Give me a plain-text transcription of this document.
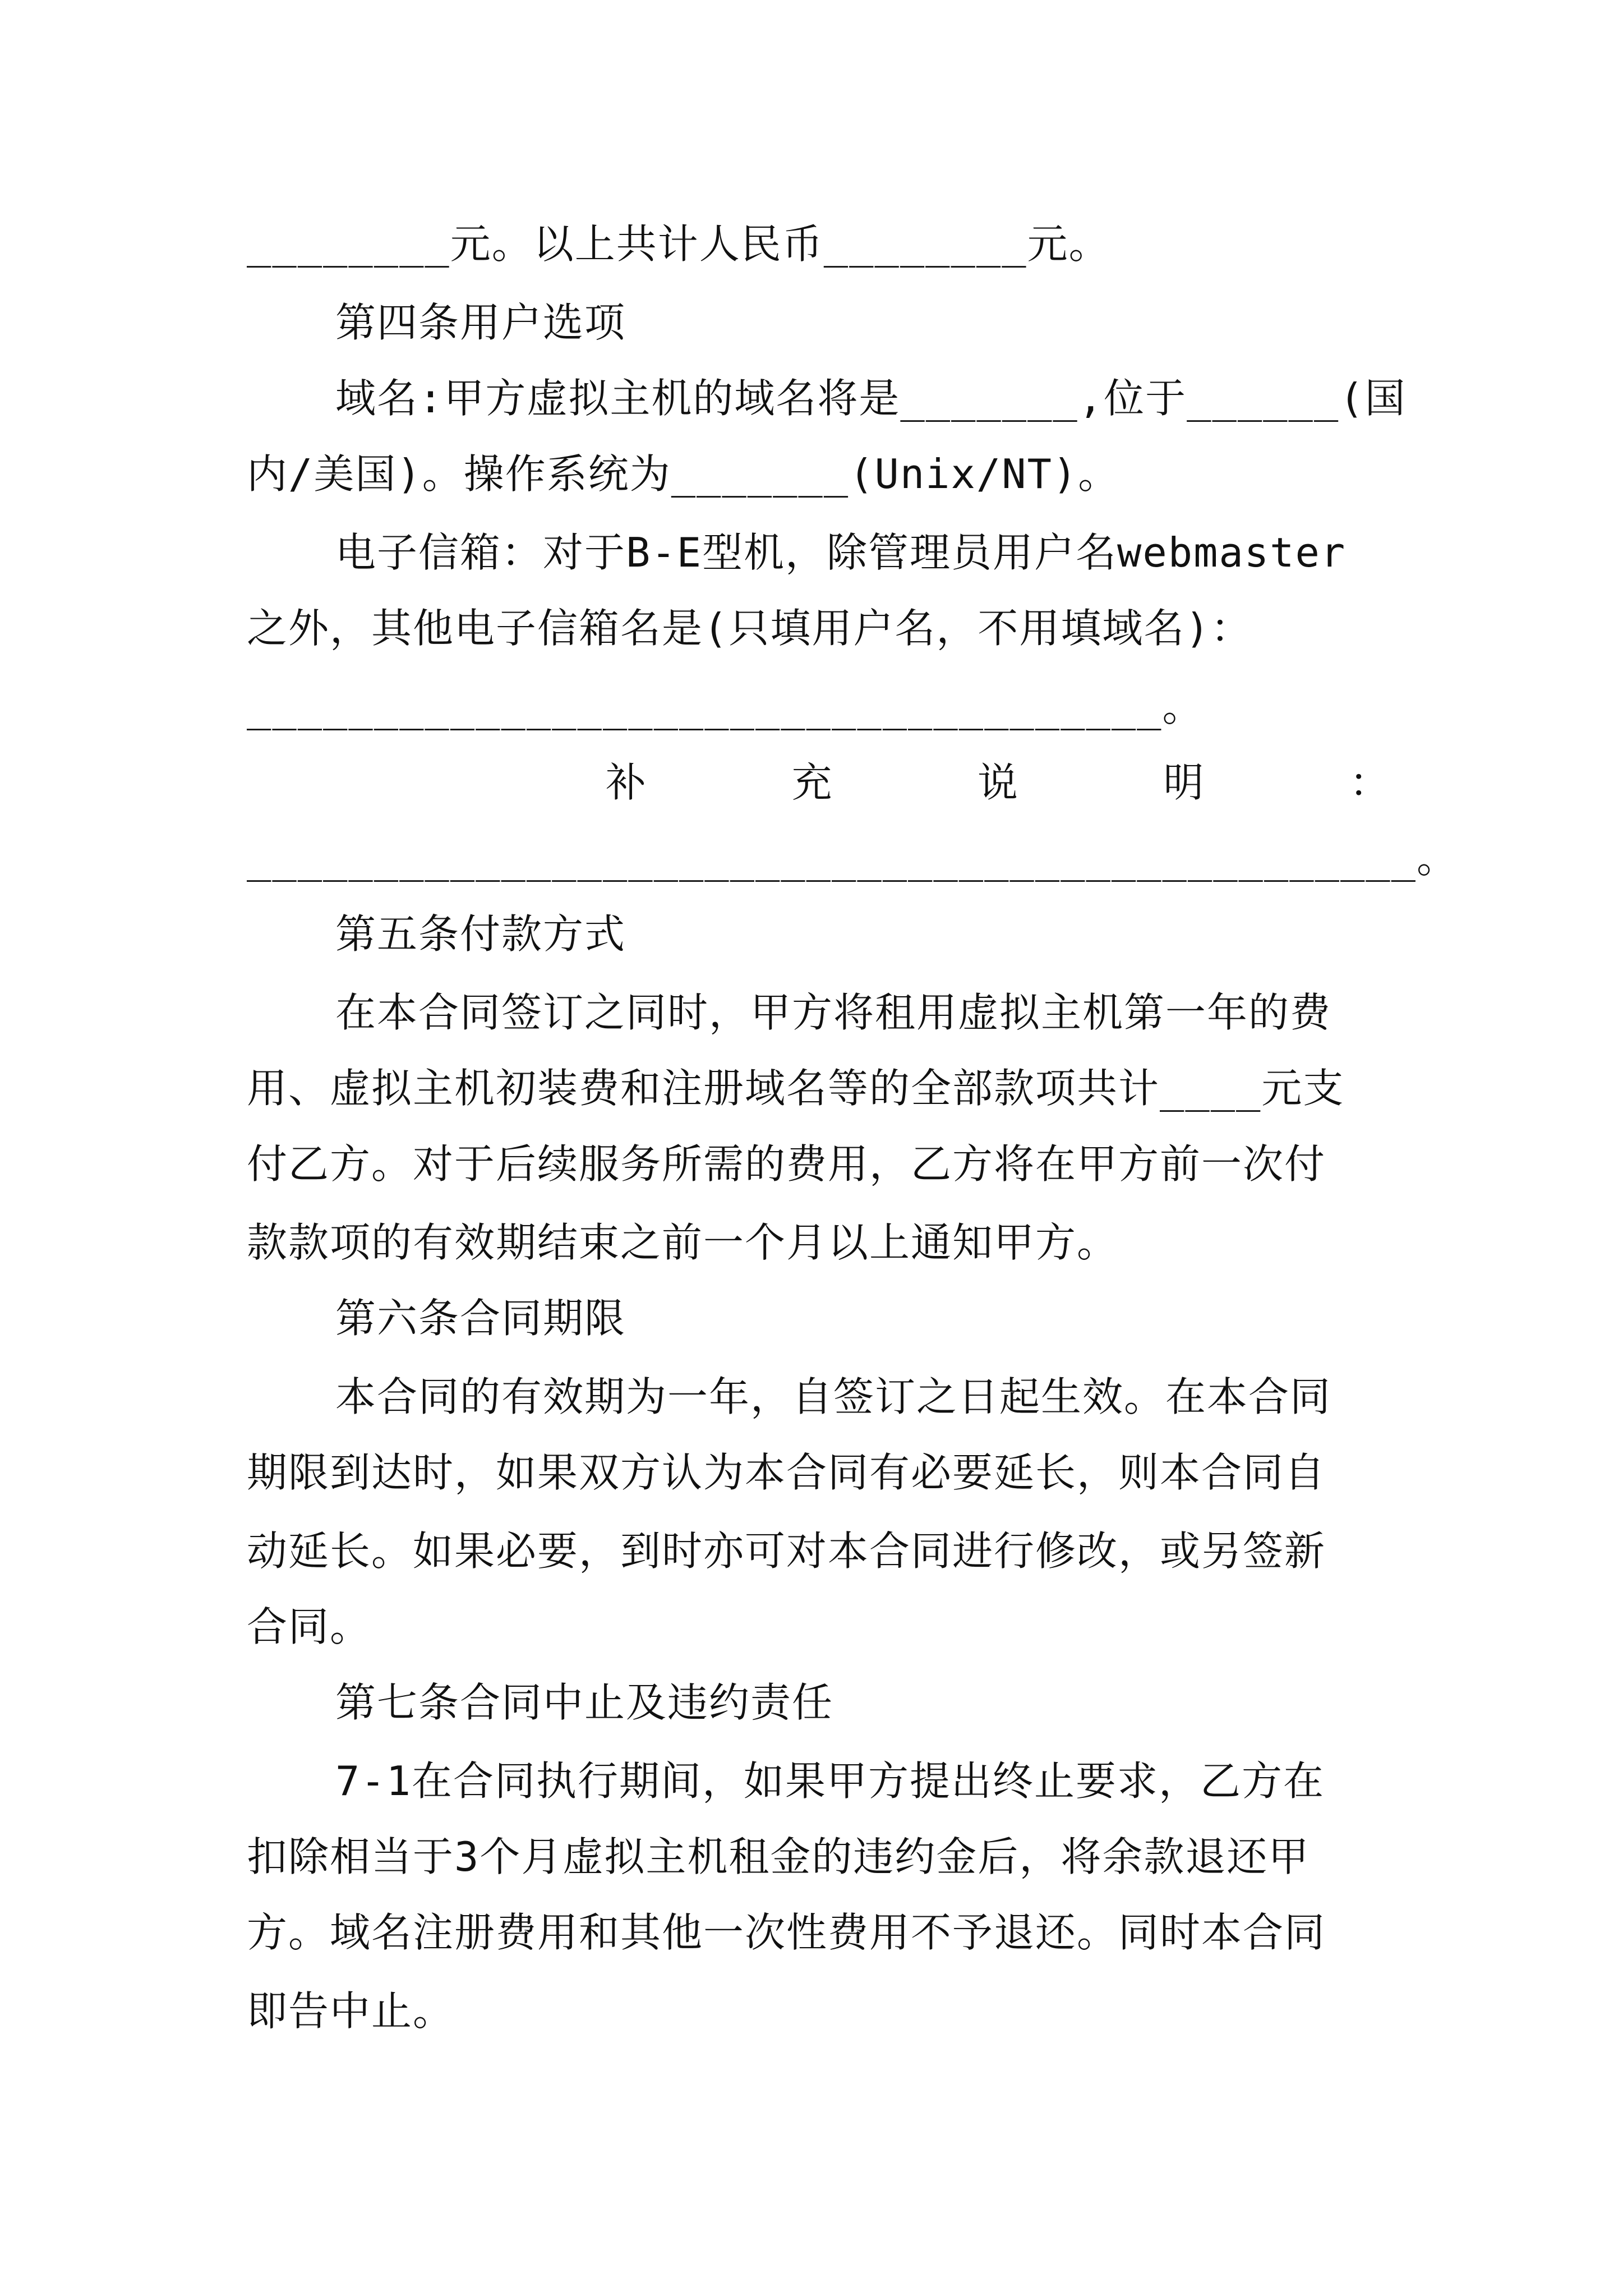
________元。以上共计人民币________元。
第四条用户选项
域名:甲方虚拟主机的域名将是_______,位于______(国
内/美国)。操作系统为_______(Unix/NT)。
电子信箱：对于B-E型机，除管理员用户名webmaster
之外，其他电子信箱名是(只填用户名，不用填域名)：
____________________________________。
补	充	说	明	：
______________________________________________。
第五条付款方式
在本合同签订之同时，甲方将租用虚拟主机第一年的费
用、虚拟主机初装费和注册域名等的全部款项共计____元支
付乙方。对于后续服务所需的费用，乙方将在甲方前一次付
款款项的有效期结束之前一个月以上通知甲方。
第六条合同期限
本合同的有效期为一年，自签订之日起生效。在本合同
期限到达时，如果双方认为本合同有必要延长，则本合同自
动延长。如果必要，到时亦可对本合同进行修改，或另签新
合同。
第七条合同中止及违约责任
7-1在合同执行期间，如果甲方提出终止要求，乙方在
扣除相当于3个月虚拟主机租金的违约金后，将余款退还甲
方。域名注册费用和其他一次性费用不予退还。同时本合同
即告中止。
